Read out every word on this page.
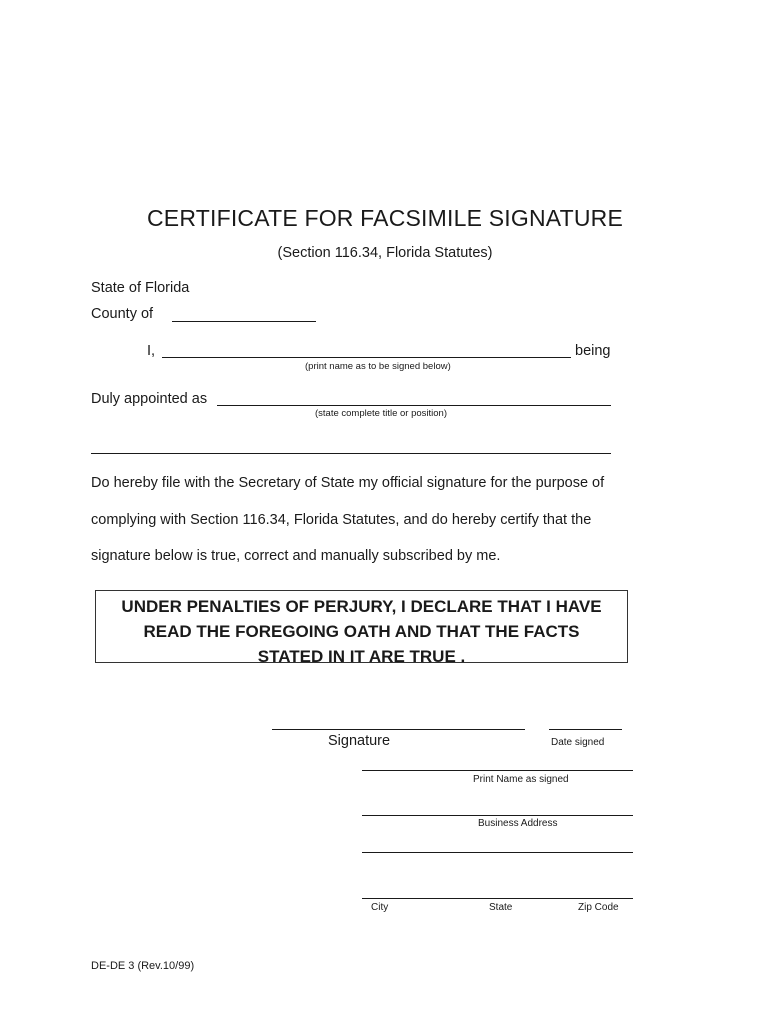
CERTIFICATE FOR FACSIMILE SIGNATURE
(Section 116.34, Florida Statutes)
State of Florida
County of
I,	being
(print name as to be signed below)
Duly appointed as
(state complete title or position)
Do hereby file with the Secretary of State my official signature for the purpose of
complying with Section 116.34, Florida Statutes, and do hereby certify that the
signature below is true, correct and manually subscribed by me.
UNDER PENALTIES OF PERJURY, I DECLARE THAT I HAVE
READ THE FOREGOING OATH AND THAT THE FACTS
STATED IN IT ARE TRUE .
Signature	Date signed
Print Name as signed
Business Address
City	State	Zip Code
DE-DE 3 (Rev.10/99)
